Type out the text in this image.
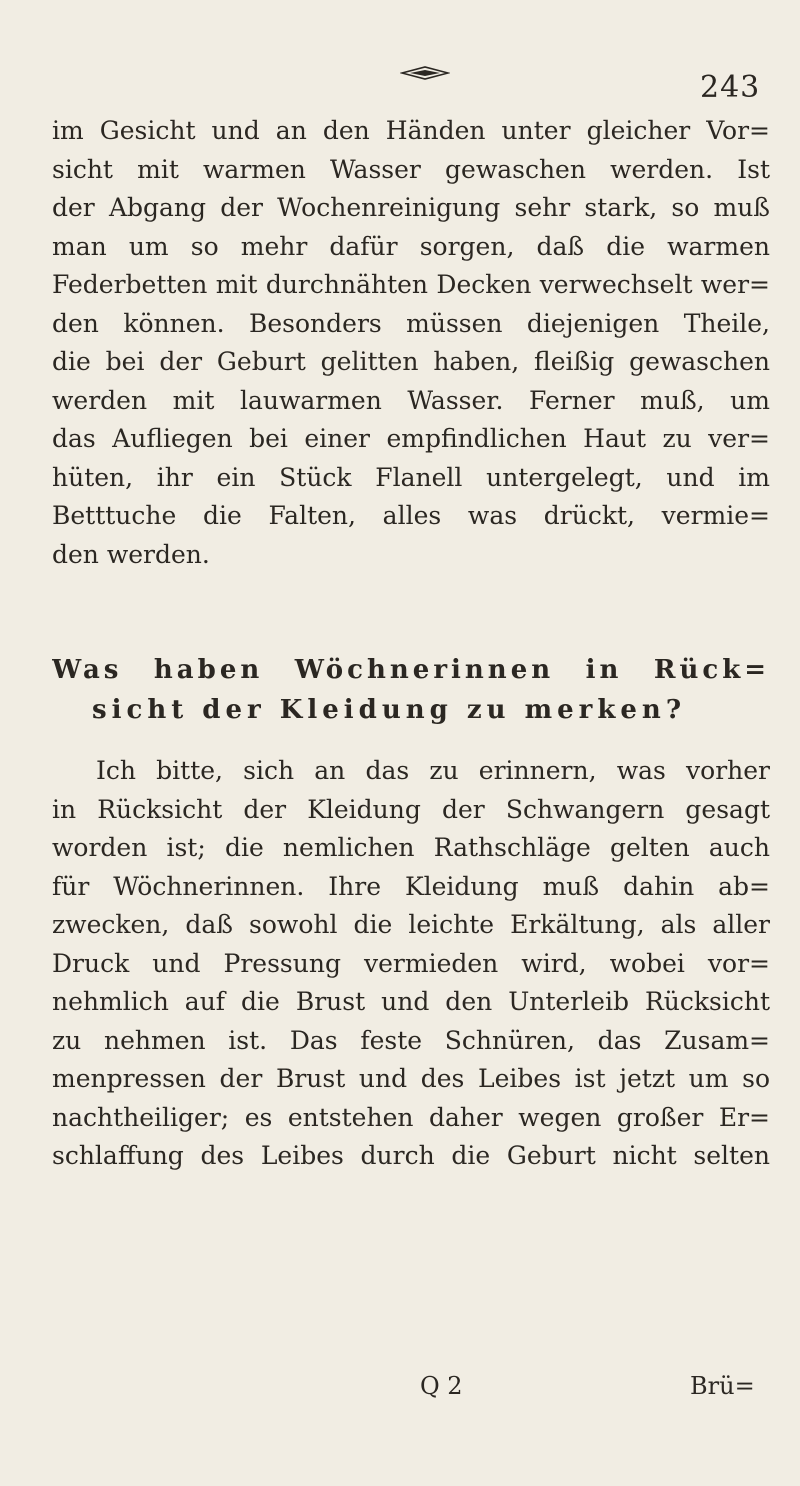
243
im Gesicht und an den Händen unter gleicher Vor=
sicht mit warmen Wasser gewaschen werden. Ist
der Abgang der Wochenreinigung sehr stark, so muß
man um so mehr dafür sorgen, daß die warmen
Federbetten mit durchnähten Decken verwechselt wer=
den können. Besonders müssen diejenigen Theile,
die bei der Geburt gelitten haben, fleißig gewaschen
werden mit lauwarmen Wasser. Ferner muß, um
das Aufliegen bei einer empfindlichen Haut zu ver=
hüten, ihr ein Stück Flanell untergelegt, und im
Betttuche die Falten, alles was drückt, vermie=
den werden.
Was haben Wöchnerinnen in Rück=
sicht der Kleidung zu merken?
Ich bitte, sich an das zu erinnern, was vorher
in Rücksicht der Kleidung der Schwangern gesagt
worden ist; die nemlichen Rathschläge gelten auch
für Wöchnerinnen. Ihre Kleidung muß dahin ab=
zwecken, daß sowohl die leichte Erkältung, als aller
Druck und Pressung vermieden wird, wobei vor=
nehmlich auf die Brust und den Unterleib Rücksicht
zu nehmen ist. Das feste Schnüren, das Zusam=
menpressen der Brust und des Leibes ist jetzt um so
nachtheiliger; es entstehen daher wegen großer Er=
schlaffung des Leibes durch die Geburt nicht selten
Q 2	Brü=
